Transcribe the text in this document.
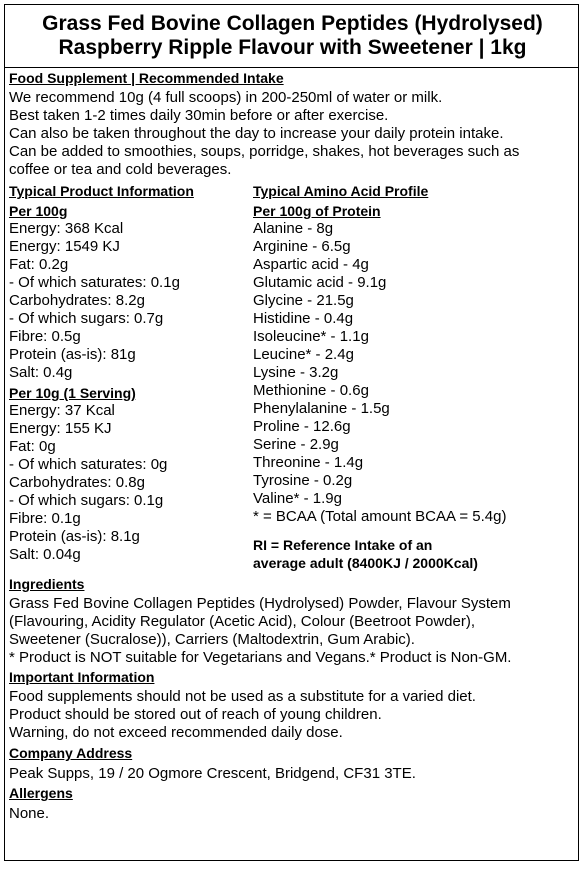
Grass Fed Bovine Collagen Peptides (Hydrolysed)
Raspberry Ripple Flavour with Sweetener | 1kg
Food Supplement | Recommended Intake
We recommend 10g (4 full scoops) in 200-250ml of water or milk.
Best taken 1-2 times daily 30min before or after exercise.
Can also be taken throughout the day to increase your daily protein intake.
Can be added to smoothies, soups, porridge, shakes, hot beverages such as
coffee or tea and cold beverages.
Typical Product Information
Per 100g
Energy: 368 Kcal
Energy: 1549 KJ
Fat: 0.2g
- Of which saturates: 0.1g
Carbohydrates: 8.2g
- Of which sugars: 0.7g
Fibre: 0.5g
Protein (as-is): 81g
Salt: 0.4g
Per 10g (1 Serving)
Energy: 37 Kcal
Energy: 155 KJ
Fat: 0g
- Of which saturates: 0g
Carbohydrates: 0.8g
- Of which sugars: 0.1g
Fibre: 0.1g
Protein (as-is): 8.1g
Salt: 0.04g
Typical Amino Acid Profile
Per 100g of Protein
Alanine - 8g
Arginine - 6.5g
Aspartic acid - 4g
Glutamic acid - 9.1g
Glycine - 21.5g
Histidine - 0.4g
Isoleucine* - 1.1g
Leucine* - 2.4g
Lysine - 3.2g
Methionine - 0.6g
Phenylalanine - 1.5g
Proline - 12.6g
Serine - 2.9g
Threonine - 1.4g
Tyrosine - 0.2g
Valine* - 1.9g
* = BCAA (Total amount BCAA = 5.4g)
RI = Reference Intake of an
average adult (8400KJ / 2000Kcal)
Ingredients
Grass Fed Bovine Collagen Peptides (Hydrolysed) Powder, Flavour System
(Flavouring, Acidity Regulator (Acetic Acid), Colour (Beetroot Powder),
Sweetener (Sucralose)), Carriers (Maltodextrin, Gum Arabic).
* Product is NOT suitable for Vegetarians and Vegans.* Product is Non-GM.
Important Information
Food supplements should not be used as a substitute for a varied diet.
Product should be stored out of reach of young children.
Warning, do not exceed recommended daily dose.
Company Address
Peak Supps, 19 / 20 Ogmore Crescent, Bridgend, CF31 3TE.
Allergens
None.
